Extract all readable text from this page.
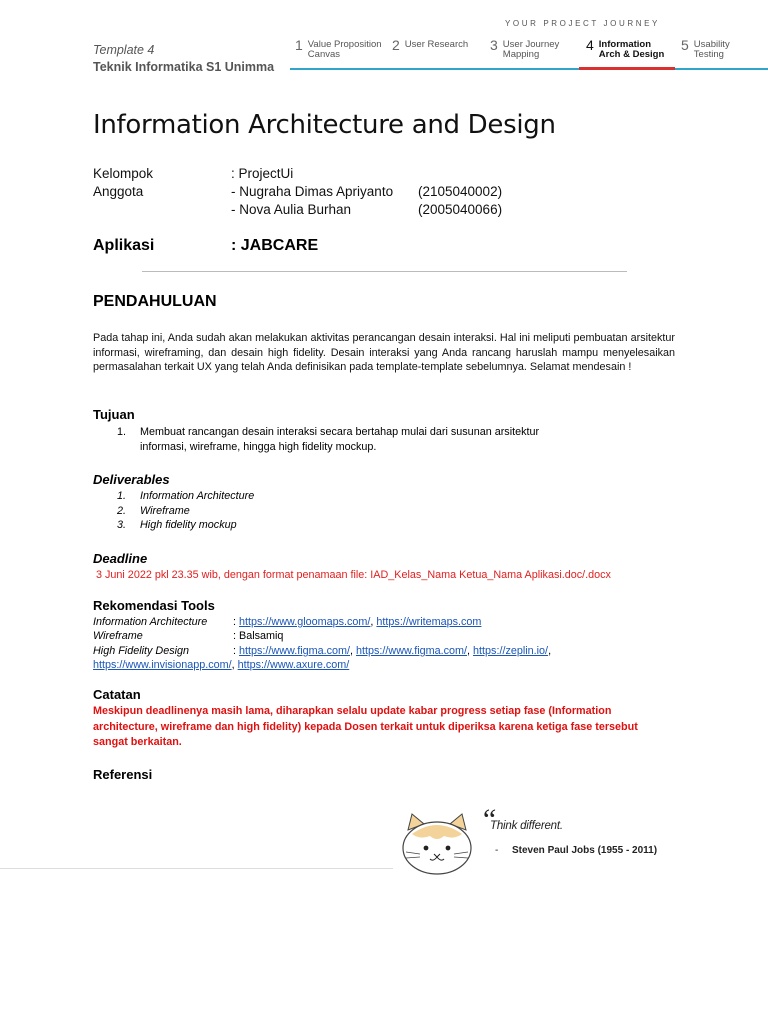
Template 4
Teknik Informatika S1 Unimma
YOUR PROJECT JOURNEY
1 Value Proposition
Canvas
2 User Research 3 User Journey
Mapping
4 Information
Arch & Design
5 Usability
Testing
Information Architecture and Design
Kelompok	: ProjectUi
Anggota	- Nugraha Dimas Apriyanto	(2105040002)
- Nova Aulia Burhan	(2005040066)
Aplikasi	: JABCARE
PENDAHULUAN
Pada tahap ini, Anda sudah akan melakukan aktivitas perancangan desain interaksi. Hal ini meliputi pembuatan arsitektur informasi, wireframing, dan desain high fidelity. Desain interaksi yang Anda rancang haruslah mampu menyelesaikan permasalahan terkait UX yang telah Anda definisikan pada template-template sebelumnya. Selamat mendesain !
Tujuan
1.	Membuat rancangan desain interaksi secara bertahap mulai dari susunan arsitektur
informasi, wireframe, hingga high fidelity mockup.
Deliverables
1.	Information Architecture
2.	Wireframe
3.	High fidelity mockup
Deadline
3 Juni 2022 pkl 23.35 wib, dengan format penamaan file: IAD_Kelas_Nama Ketua_Nama Aplikasi.doc/.docx
Rekomendasi Tools
Information Architecture	: https://www.gloomaps.com/, https://writemaps.com
Wireframe	: Balsamiq
High Fidelity Design	: https://www.figma.com/, https://www.figma.com/, https://zeplin.io/,
https://www.invisionapp.com/, https://www.axure.com/
Catatan
Meskipun deadlinenya masih lama, diharapkan selalu update kabar progress setiap fase (Information architecture, wireframe dan high fidelity) kepada Dosen terkait untuk diperiksa karena ketiga fase tersebut sangat berkaitan.
Referensi
“
Think different.
-	Steven Paul Jobs (1955 - 2011)
